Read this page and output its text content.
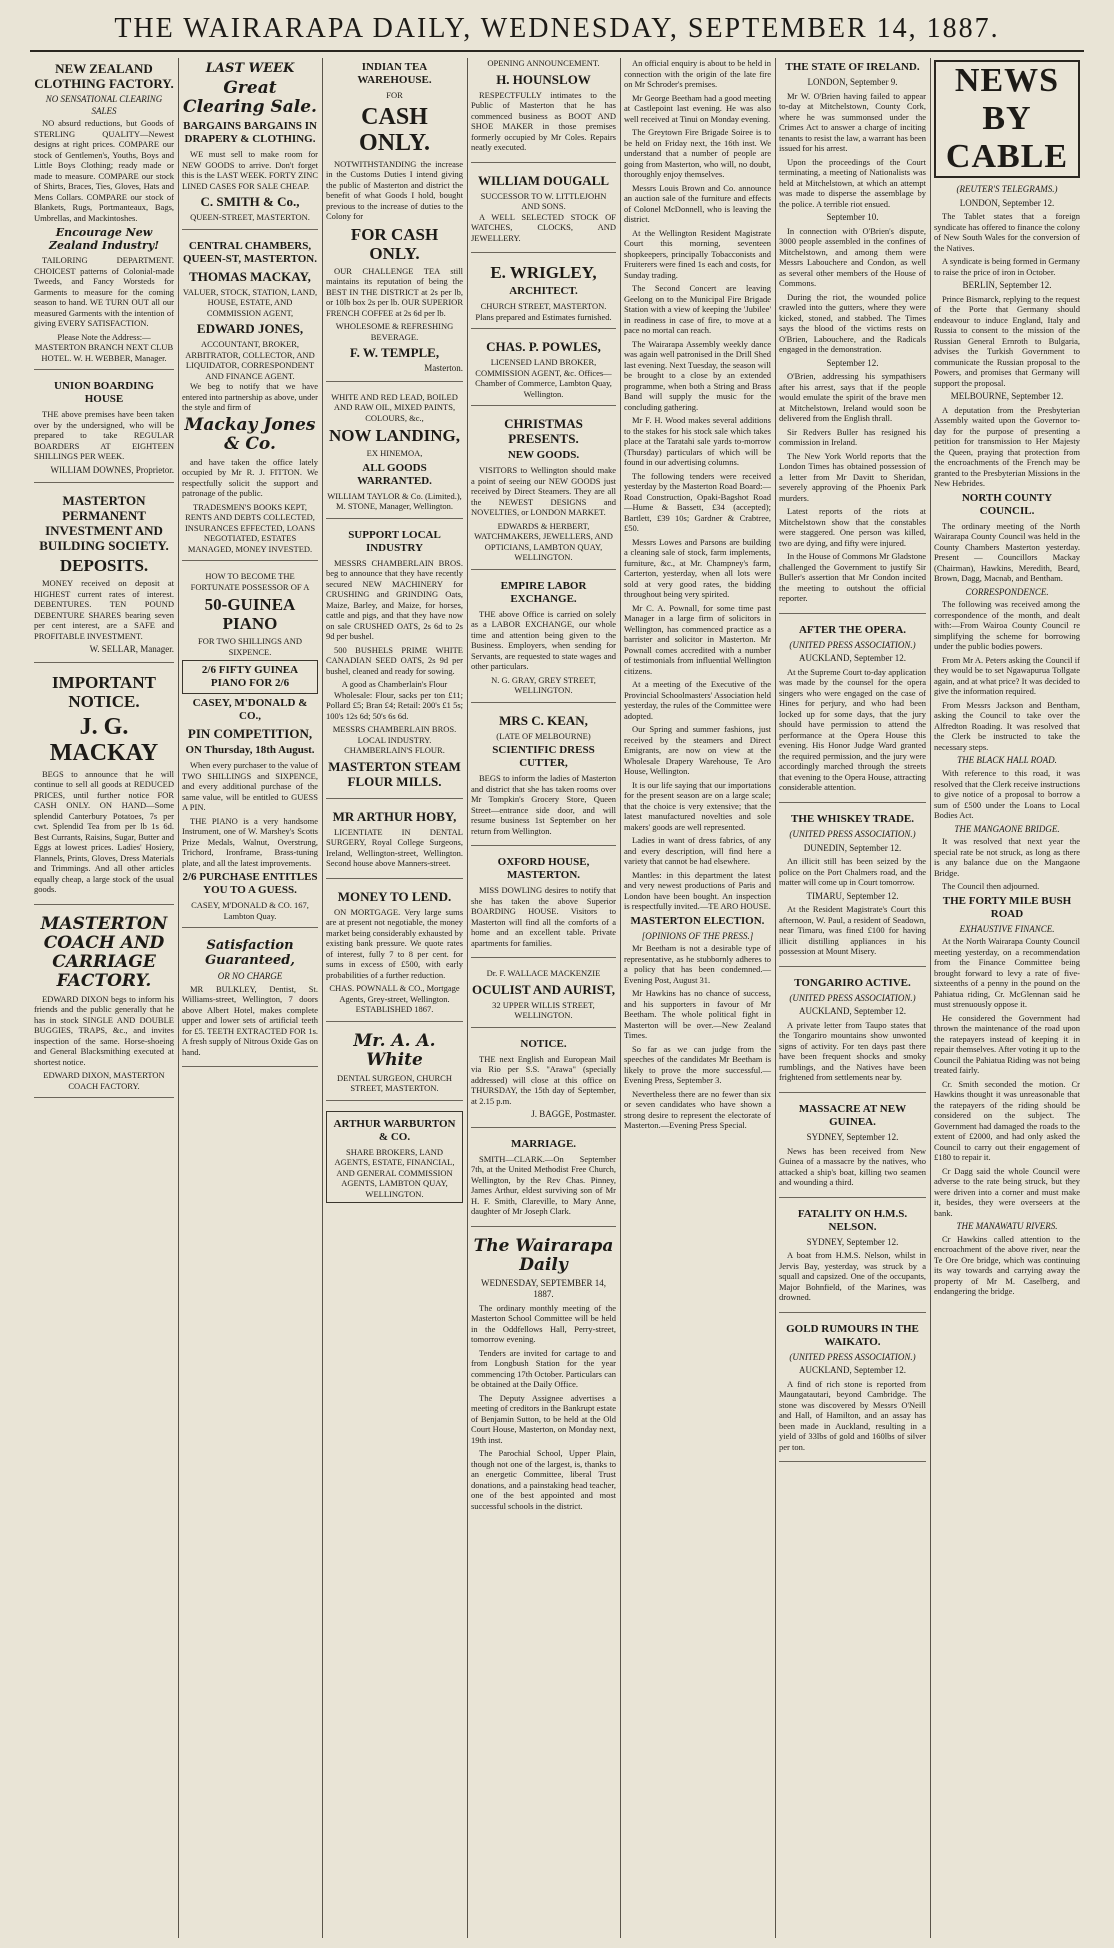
THE WAIRARAPA DAILY, WEDNESDAY, SEPTEMBER 14, 1887.
NEW ZEALAND CLOTHING FACTORY.
NO SENSATIONAL CLEARING SALES
NO absurd reductions, but Goods of STERLING QUALITY—Newest designs at right prices. COMPARE our stock of Gentlemen's, Youths, Boys and Little Boys Clothing; ready made or made to measure. COMPARE our stock of Shirts, Braces, Ties, Gloves, Hats and Mens Collars. COMPARE our stock of Blankets, Rugs, Portmanteaux, Bags, Umbrellas, and Mackintoshes.
Encourage New Zealand Industry!
TAILORING DEPARTMENT. CHOICEST patterns of Colonial-made Tweeds, and Fancy Worsteds for Garments to measure for the coming season to hand. WE TURN OUT all our measured Garments with the intention of giving EVERY SATISFACTION.
Please Note the Address:— MASTERTON BRANCH NEXT CLUB HOTEL. W. H. WEBBER, Manager.
UNION BOARDING HOUSE
THE above premises have been taken over by the undersigned, who will be prepared to take REGULAR BOARDERS AT EIGHTEEN SHILLINGS PER WEEK.
WILLIAM DOWNES, Proprietor.
MASTERTON PERMANENT INVESTMENT AND BUILDING SOCIETY.
DEPOSITS.
MONEY received on deposit at HIGHEST current rates of interest. DEBENTURES. TEN POUND DEBENTURE SHARES bearing seven per cent interest, are a SAFE and PROFITABLE INVESTMENT.
W. SELLAR, Manager.
IMPORTANT NOTICE.
J. G. MACKAY
BEGS to announce that he will continue to sell all goods at REDUCED PRICES, until further notice FOR CASH ONLY. ON HAND—Some splendid Canterbury Potatoes, 7s per cwt. Splendid Tea from per lb 1s 6d. Best Currants, Raisins, Sugar, Butter and Eggs at lowest prices. Ladies' Hosiery, Flannels, Prints, Gloves, Dress Materials and Trimmings. And all other articles equally cheap, a large stock of the usual goods.
MASTERTON COACH AND CARRIAGE FACTORY.
EDWARD DIXON begs to inform his friends and the public generally that he has in stock SINGLE AND DOUBLE BUGGIES, TRAPS, &c., and invites inspection of the same. Horse-shoeing and General Blacksmithing executed at shortest notice.
EDWARD DIXON, MASTERTON COACH FACTORY.
LAST WEEK
Great Clearing Sale.
BARGAINS BARGAINS IN DRAPERY & CLOTHING.
WE must sell to make room for NEW GOODS to arrive. Don't forget this is the LAST WEEK. FORTY ZINC LINED CASES FOR SALE CHEAP.
C. SMITH & Co.,
QUEEN-STREET, MASTERTON.
CENTRAL CHAMBERS, QUEEN-ST, MASTERTON.
THOMAS MACKAY,
VALUER, STOCK, STATION, LAND, HOUSE, ESTATE, AND COMMISSION AGENT,
EDWARD JONES,
ACCOUNTANT, BROKER, ARBITRATOR, COLLECTOR, AND LIQUIDATOR, CORRESPONDENT AND FINANCE AGENT.
We beg to notify that we have entered into partnership as above, under the style and firm of
Mackay Jones & Co.
and have taken the office lately occupied by Mr R. J. FITTON. We respectfully solicit the support and patronage of the public.
TRADESMEN'S BOOKS KEPT, RENTS AND DEBTS COLLECTED, INSURANCES EFFECTED, LOANS NEGOTIATED, ESTATES MANAGED, MONEY INVESTED.
HOW TO BECOME THE FORTUNATE POSSESSOR OF A
50-GUINEA PIANO
FOR TWO SHILLINGS AND SIXPENCE.
2/6 FIFTY GUINEA PIANO FOR 2/6
CASEY, M'DONALD & CO.,
PIN COMPETITION,
ON Thursday, 18th August.
When every purchaser to the value of TWO SHILLINGS and SIXPENCE, and every additional purchase of the same value, will be entitled to GUESS A PIN.
THE PIANO is a very handsome Instrument, one of W. Marshey's Scotts Prize Medals, Walnut, Overstrung, Trichord, Ironframe, Brass-tuning plate, and all the latest improvements.
2/6 PURCHASE ENTITLES YOU TO A GUESS.
CASEY, M'DONALD & CO. 167, Lambton Quay.
Satisfaction Guaranteed,
OR NO CHARGE
MR BULKLEY, Dentist, St. Williams-street, Wellington, 7 doors above Albert Hotel, makes complete upper and lower sets of artificial teeth for £5. TEETH EXTRACTED FOR 1s. A fresh supply of Nitrous Oxide Gas on hand.
INDIAN TEA WAREHOUSE.
FOR
CASH ONLY.
NOTWITHSTANDING the increase in the Customs Duties I intend giving the public of Masterton and district the benefit of what Goods I hold, bought previous to the increase of duties to the Colony for
FOR CASH ONLY.
OUR CHALLENGE TEA still maintains its reputation of being the BEST IN THE DISTRICT at 2s per lb, or 10lb box 2s per lb. OUR SUPERIOR FRENCH COFFEE at 2s 6d per lb.
WHOLESOME & REFRESHING BEVERAGE.
F. W. TEMPLE,
Masterton.
WHITE AND RED LEAD, BOILED AND RAW OIL, MIXED PAINTS, COLOURS, &c.,
NOW LANDING,
EX HINEMOA,
ALL GOODS WARRANTED.
WILLIAM TAYLOR & Co. (Limited.), M. STONE, Manager, Wellington.
SUPPORT LOCAL INDUSTRY
MESSRS CHAMBERLAIN BROS. beg to announce that they have recently secured NEW MACHINERY for CRUSHING and GRINDING Oats, Maize, Barley, and Maize, for horses, cattle and pigs, and that they have now on sale CRUSHED OATS, 2s 6d to 2s 9d per bushel.
500 BUSHELS PRIME WHITE CANADIAN SEED OATS, 2s 9d per bushel, cleaned and ready for sowing.
A good as Chamberlain's Flour
Wholesale: Flour, sacks per ton £11; Pollard £5; Bran £4; Retail: 200's £1 5s; 100's 12s 6d; 50's 6s 6d.
MESSRS CHAMBERLAIN BROS. LOCAL INDUSTRY. CHAMBERLAIN'S FLOUR.
MASTERTON STEAM FLOUR MILLS.
MR ARTHUR HOBY,
LICENTIATE IN DENTAL SURGERY, Royal College Surgeons, Ireland, Wellington-street, Wellington. Second house above Manners-street.
MONEY TO LEND.
ON MORTGAGE. Very large sums are at present not negotiable, the money market being considerably exhausted by existing bank pressure. We quote rates of interest, fully 7 to 8 per cent. for sums in excess of £500, with early probabilities of a further reduction.
CHAS. POWNALL & CO., Mortgage Agents, Grey-street, Wellington. ESTABLISHED 1867.
Mr. A. A. White
DENTAL SURGEON, CHURCH STREET, MASTERTON.
ARTHUR WARBURTON & CO.
SHARE BROKERS, LAND AGENTS, ESTATE, FINANCIAL, AND GENERAL COMMISSION AGENTS, LAMBTON QUAY, WELLINGTON.
OPENING ANNOUNCEMENT.
H. HOUNSLOW
RESPECTFULLY intimates to the Public of Masterton that he has commenced business as BOOT AND SHOE MAKER in those premises formerly occupied by Mr Coles. Repairs neatly executed.
WILLIAM DOUGALL
SUCCESSOR TO W. LITTLEJOHN AND SONS.
A WELL SELECTED STOCK OF WATCHES, CLOCKS, AND JEWELLERY.
E. WRIGLEY,
ARCHITECT.
CHURCH STREET, MASTERTON. Plans prepared and Estimates furnished.
CHAS. P. POWLES,
LICENSED LAND BROKER, COMMISSION AGENT, &c. Offices—Chamber of Commerce, Lambton Quay, Wellington.
CHRISTMAS PRESENTS.
NEW GOODS.
VISITORS to Wellington should make a point of seeing our NEW GOODS just received by Direct Steamers. They are all the NEWEST DESIGNS and NOVELTIES, or LONDON MARKET.
EDWARDS & HERBERT, WATCHMAKERS, JEWELLERS, AND OPTICIANS, LAMBTON QUAY, WELLINGTON.
EMPIRE LABOR EXCHANGE.
THE above Office is carried on solely as a LABOR EXCHANGE, our whole time and attention being given to the Business. Employers, when sending for Servants, are requested to state wages and other particulars.
N. G. GRAY, GREY STREET, WELLINGTON.
MRS C. KEAN,
(LATE OF MELBOURNE)
SCIENTIFIC DRESS CUTTER,
BEGS to inform the ladies of Masterton and district that she has taken rooms over Mr Tompkin's Grocery Store, Queen Street—entrance side door, and will resume business 1st September on her return from Wellington.
OXFORD HOUSE, MASTERTON.
MISS DOWLING desires to notify that she has taken the above Superior BOARDING HOUSE. Visitors to Masterton will find all the comforts of a home and an excellent table. Private apartments for families.
Dr. F. WALLACE MACKENZIE
OCULIST AND AURIST,
32 UPPER WILLIS STREET, WELLINGTON.
NOTICE.
THE next English and European Mail via Rio per S.S. "Arawa" (specially addressed) will close at this office on THURSDAY, the 15th day of September, at 2.15 p.m.
J. BAGGE, Postmaster.
MARRIAGE.
SMITH—CLARK.—On September 7th, at the United Methodist Free Church, Wellington, by the Rev Chas. Pinney, James Arthur, eldest surviving son of Mr H. F. Smith, Clareville, to Mary Anne, daughter of Mr Joseph Clark.
The Wairarapa Daily
WEDNESDAY, SEPTEMBER 14, 1887.
The ordinary monthly meeting of the Masterton School Committee will be held in the Oddfellows Hall, Perry-street, tomorrow evening.
Tenders are invited for cartage to and from Longbush Station for the year commencing 17th October. Particulars can be obtained at the Daily Office.
The Deputy Assignee advertises a meeting of creditors in the Bankrupt estate of Benjamin Sutton, to be held at the Old Court House, Masterton, on Monday next, 19th inst.
The Parochial School, Upper Plain, though not one of the largest, is, thanks to an energetic Committee, liberal Trust donations, and a painstaking head teacher, one of the best appointed and most successful schools in the district.
An official enquiry is about to be held in connection with the origin of the late fire on Mr Schroder's premises.
Mr George Beetham had a good meeting at Castlepoint last evening. He was also well received at Tinui on Monday evening.
The Greytown Fire Brigade Soiree is to be held on Friday next, the 16th inst. We understand that a number of people are going from Masterton, who will, no doubt, thoroughly enjoy themselves.
Messrs Louis Brown and Co. announce an auction sale of the furniture and effects of Colonel McDonnell, who is leaving the district.
At the Wellington Resident Magistrate Court this morning, seventeen shopkeepers, principally Tobacconists and Fruiterers were fined 1s each and costs, for Sunday trading.
The Second Concert are leaving Geelong on to the Municipal Fire Brigade Station with a view of keeping the 'Jubilee' in readiness in case of fire, to move at a pace no mortal can reach.
The Wairarapa Assembly weekly dance was again well patronised in the Drill Shed last evening. Next Tuesday, the season will be brought to a close by an extended programme, when both a String and Brass Band will supply the music for the concluding gathering.
Mr F. H. Wood makes several additions to the stakes for his stock sale which takes place at the Taratahi sale yards to-morrow (Thursday) particulars of which will be found in our advertising columns.
The following tenders were received yesterday by the Masterton Road Board:—Road Construction, Opaki-Bagshot Road—Hume & Bassett, £34 (accepted); Bartlett, £39 10s; Gardner & Crabtree, £50.
Messrs Lowes and Parsons are building a cleaning sale of stock, farm implements, furniture, &c., at Mr. Champney's farm, Carterton, yesterday, when all lots were sold at very good rates, the bidding throughout being very spirited.
Mr C. A. Pownall, for some time past Manager in a large firm of solicitors in Wellington, has commenced practice as a barrister and solicitor in Masterton. Mr Pownall comes accredited with a number of testimonials from influential Wellington citizens.
At a meeting of the Executive of the Provincial Schoolmasters' Association held yesterday, the rules of the Committee were adopted.
Our Spring and summer fashions, just received by the steamers and Direct Emigrants, are now on view at the Wholesale Drapery Warehouse, Te Aro House, Wellington.
It is our life saying that our importations for the present season are on a large scale; that the choice is very extensive; that the latest manufactured novelties and sole makers' goods are well represented.
Ladies in want of dress fabrics, of any and every description, will find here a variety that cannot be had elsewhere.
Mantles: in this department the latest and very newest productions of Paris and London have been bought. An inspection is respectfully invited.—TE ARO HOUSE.
MASTERTON ELECTION.
[OPINIONS OF THE PRESS.]
Mr Beetham is not a desirable type of representative, as he stubbornly adheres to a policy that has been condemned.—Evening Post, August 31.
Mr Hawkins has no chance of success, and his supporters in favour of Mr Beetham. The whole political fight in Masterton will be over.—New Zealand Times.
So far as we can judge from the speeches of the candidates Mr Beetham is likely to prove the more successful.—Evening Press, September 3.
Nevertheless there are no fewer than six or seven candidates who have shown a strong desire to represent the electorate of Masterton.—Evening Press Special.
THE STATE OF IRELAND.
LONDON, September 9.
Mr W. O'Brien having failed to appear to-day at Mitchelstown, County Cork, where he was summonsed under the Crimes Act to answer a charge of inciting tenants to resist the law, a warrant has been issued for his arrest.
Upon the proceedings of the Court terminating, a meeting of Nationalists was held at Mitchelstown, at which an attempt was made to disperse the assemblage by the police. A terrible riot ensued.
September 10.
In connection with O'Brien's dispute, 3000 people assembled in the confines of Mitchelstown, and among them were Messrs Labouchere and Condon, as well as several other members of the House of Commons.
During the riot, the wounded police crawled into the gutters, where they were kicked, stoned, and stabbed. The Times says the blood of the victims rests on O'Brien, Labouchere, and the Radicals engaged in the demonstration.
September 12.
O'Brien, addressing his sympathisers after his arrest, says that if the people would emulate the spirit of the brave men at Mitchelstown, Ireland would soon be delivered from the English thrall.
Sir Redvers Buller has resigned his commission in Ireland.
The New York World reports that the London Times has obtained possession of a letter from Mr Davitt to Sheridan, severely approving of the Phoenix Park murders.
Latest reports of the riots at Mitchelstown show that the constables were staggered. One person was killed, two are dying, and fifty were injured.
In the House of Commons Mr Gladstone challenged the Government to justify Sir Buller's assertion that Mr Condon incited the meeting to outshout the official reporter.
AFTER THE OPERA.
(UNITED PRESS ASSOCIATION.)
AUCKLAND, September 12.
At the Supreme Court to-day application was made by the counsel for the opera singers who were engaged on the case of Hines for perjury, and who had been locked up for some days, that the jury should have permission to attend the performance at the Opera House this evening. His Honor Judge Ward granted the required permission, and the jury were accordingly marched through the streets that evening to the Opera House, attracting considerable attention.
THE WHISKEY TRADE.
(UNITED PRESS ASSOCIATION.)
DUNEDIN, September 12.
An illicit still has been seized by the police on the Port Chalmers road, and the matter will come up in Court tomorrow.
TIMARU, September 12.
At the Resident Magistrate's Court this afternoon, W. Paul, a resident of Seadown, near Timaru, was fined £100 for having illicit distilling appliances in his possession at Mount Misery.
TONGARIRO ACTIVE.
(UNITED PRESS ASSOCIATION.)
AUCKLAND, September 12.
A private letter from Taupo states that the Tongariro mountains show unwonted signs of activity. For ten days past there have been frequent shocks and smoky rumblings, and the Natives have been frightened from settlements near by.
MASSACRE AT NEW GUINEA.
SYDNEY, September 12.
News has been received from New Guinea of a massacre by the natives, who attacked a ship's boat, killing two seamen and wounding a third.
FATALITY ON H.M.S. NELSON.
SYDNEY, September 12.
A boat from H.M.S. Nelson, whilst in Jervis Bay, yesterday, was struck by a squall and capsized. One of the occupants, Major Bohnfield, of the Marines, was drowned.
GOLD RUMOURS IN THE WAIKATO.
(UNITED PRESS ASSOCIATION.)
AUCKLAND, September 12.
A find of rich stone is reported from Maungatautari, beyond Cambridge. The stone was discovered by Messrs O'Neill and Hall, of Hamilton, and an assay has been made in Auckland, resulting in a yield of 33lbs of gold and 160lbs of silver per ton.
NEWS BY CABLE
(REUTER'S TELEGRAMS.)
LONDON, September 12.
The Tablet states that a foreign syndicate has offered to finance the colony of New South Wales for the conversion of the Natives.
A syndicate is being formed in Germany to raise the price of iron in October.
BERLIN, September 12.
Prince Bismarck, replying to the request of the Porte that Germany should endeavour to induce England, Italy and Russia to consent to the mission of the Russian General Ernroth to Bulgaria, advises the Turkish Government to communicate the Russian proposal to the Powers, and promises that Germany will support the proposal.
MELBOURNE, September 12.
A deputation from the Presbyterian Assembly waited upon the Governor to-day for the purpose of presenting a petition for transmission to Her Majesty the Queen, praying that protection from the encroachments of the French may be granted to the Presbyterian Missions in the New Hebrides.
NORTH COUNTY COUNCIL.
The ordinary meeting of the North Wairarapa County Council was held in the County Chambers Masterton yesterday. Present — Councillors Mackay (Chairman), Hawkins, Meredith, Beard, Brown, Dagg, Macnab, and Bentham.
CORRESPONDENCE.
The following was received among the correspondence of the month, and dealt with:—From Wairoa County Council re simplifying the scheme for borrowing under the public bodies powers.
From Mr A. Peters asking the Council if they would be to set Ngawapurua Tollgate again, and at what price? It was decided to give the information required.
From Messrs Jackson and Bentham, asking the Council to take over the Alfredton Roading. It was resolved that the Clerk be instructed to take the necessary steps.
THE BLACK HALL ROAD.
With reference to this road, it was resolved that the Clerk receive instructions to give notice of a proposal to borrow a sum of £500 under the Loans to Local Bodies Act.
THE MANGAONE BRIDGE.
It was resolved that next year the special rate be not struck, as long as there is any balance due on the Mangaone Bridge.
The Council then adjourned.
THE FORTY MILE BUSH ROAD
EXHAUSTIVE FINANCE.
At the North Wairarapa County Council meeting yesterday, on a recommendation from the Finance Committee being brought forward to levy a rate of five-sixteenths of a penny in the pound on the Pahiatua riding, Cr. McGlennan said he must strenuously oppose it.
He considered the Government had thrown the maintenance of the road upon the ratepayers instead of keeping it in repair themselves. After voting it up to the Council the Pahiatua Riding was not being treated fairly.
Cr. Smith seconded the motion. Cr Hawkins thought it was unreasonable that the ratepayers of the riding should be considered on the subject. The Government had damaged the roads to the extent of £2000, and had only asked the Council to carry out their engagement of £180 to repair it.
Cr Dagg said the whole Council were adverse to the rate being struck, but they were driven into a corner and must make it, besides, they were overseers at the bank.
THE MANAWATU RIVERS.
Cr Hawkins called attention to the encroachment of the above river, near the Te Ore Ore bridge, which was continuing its way towards and carrying away the property of Mr M. Caselberg, and endangering the bridge.
